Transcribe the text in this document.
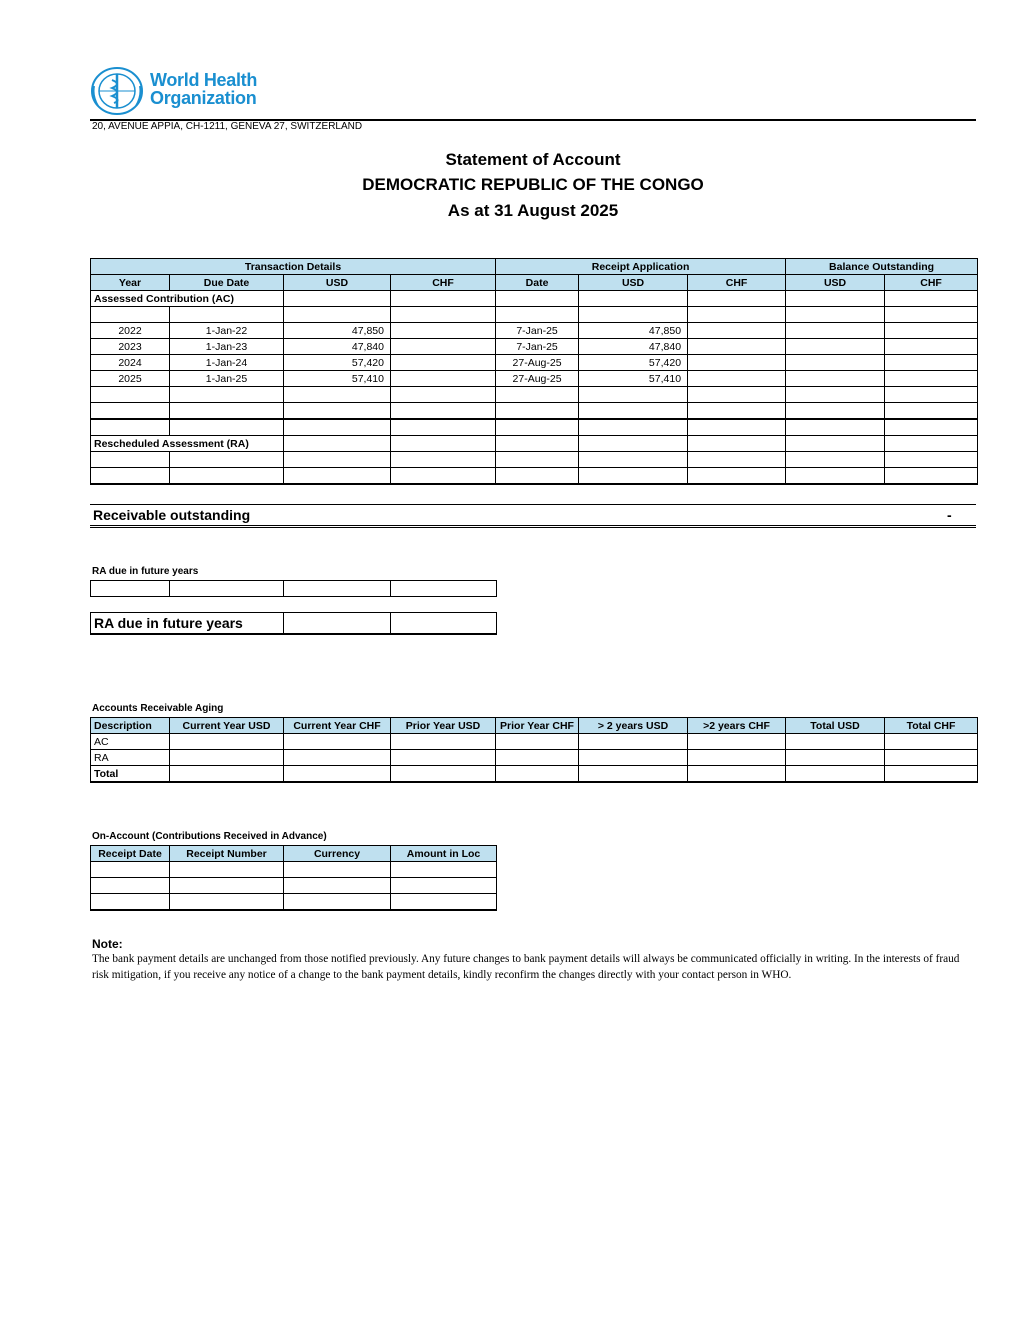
World Health
Organization
20, AVENUE APPIA, CH-1211, GENEVA 27, SWITZERLAND
Statement of Account
DEMOCRATIC REPUBLIC OF THE CONGO
As at 31 August 2025
Transaction Details				Receipt Application			Balance Outstanding	
Year	Due Date	USD	CHF	Date	USD	CHF	USD	CHF
Assessed Contribution (AC)								

2022	1-Jan-22	47,850		7-Jan-25	47,850			
2023	1-Jan-23	47,840		7-Jan-25	47,840			
2024	1-Jan-24	57,420		27-Aug-25	57,420			
2025	1-Jan-25	57,410		27-Aug-25	57,410			

Rescheduled Assessment (RA)								

Receivable outstanding	-
RA due in future years

RA due in future years		
Accounts Receivable Aging
Description	Current Year USD	Current Year CHF	Prior Year USD	Prior Year CHF	> 2 years USD	>2 years CHF	Total USD	Total CHF
AC								
RA								
Total								
On-Account (Contributions Received in Advance)
Receipt Date	Receipt Number	Currency	Amount in Loc

Note:
The bank payment details are unchanged from those notified previously. Any future changes to bank payment details will always be communicated officially in writing. In the interests of fraud risk mitigation, if you receive any notice of a change to the bank payment details, kindly reconfirm the changes directly with your contact person in WHO.
